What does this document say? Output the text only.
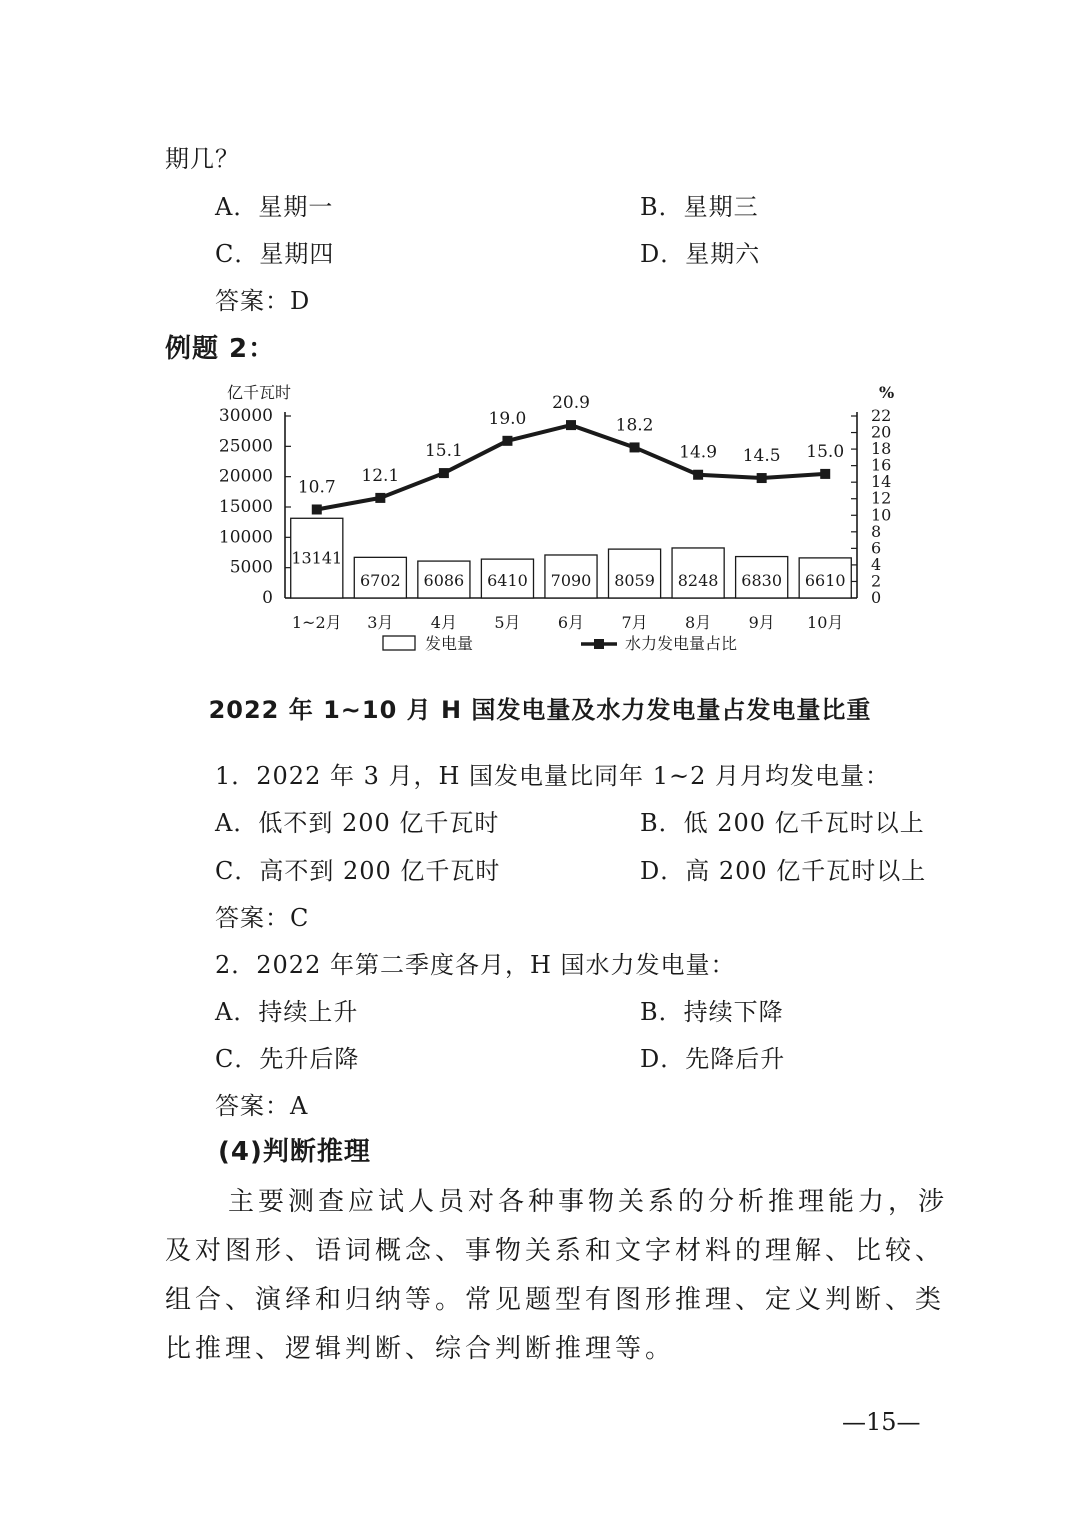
期几？
A．星期一	B．星期三
C．星期四	D．星期六
答案：D
例题 2：
亿千瓦时	%
30000
25000
20000
15000
10000
5000
0
22
20
18
16
14
12
10
8
6
4
2
0
13141
1~2月
6702
3月
6086
4月
6410
5月
7090
6月
8059
7月
8248
8月
6830
9月
6610
10月
10.7
12.1
15.1
19.0
20.9
18.2
14.9 14.5 15.0
发电量	水力发电量占比
2022 年 1~10 月 H 国发电量及水力发电量占发电量比重
1．2022 年 3 月，H 国发电量比同年 1~2 月月均发电量：
A．低不到 200 亿千瓦时	B．低 200 亿千瓦时以上
C．高不到 200 亿千瓦时	D．高 200 亿千瓦时以上
答案：C
2．2022 年第二季度各月，H 国水力发电量：
A．持续上升	B．持续下降
C．先升后降	D．先降后升
答案：A
(4)判断推理
主要测查应试人员对各种事物关系的分析推理能力，涉
及对图形、语词概念、事物关系和文字材料的理解、比较、
组合、演绎和归纳等。常见题型有图形推理、定义判断、类
比推理、逻辑判断、综合判断推理等。
—15—
